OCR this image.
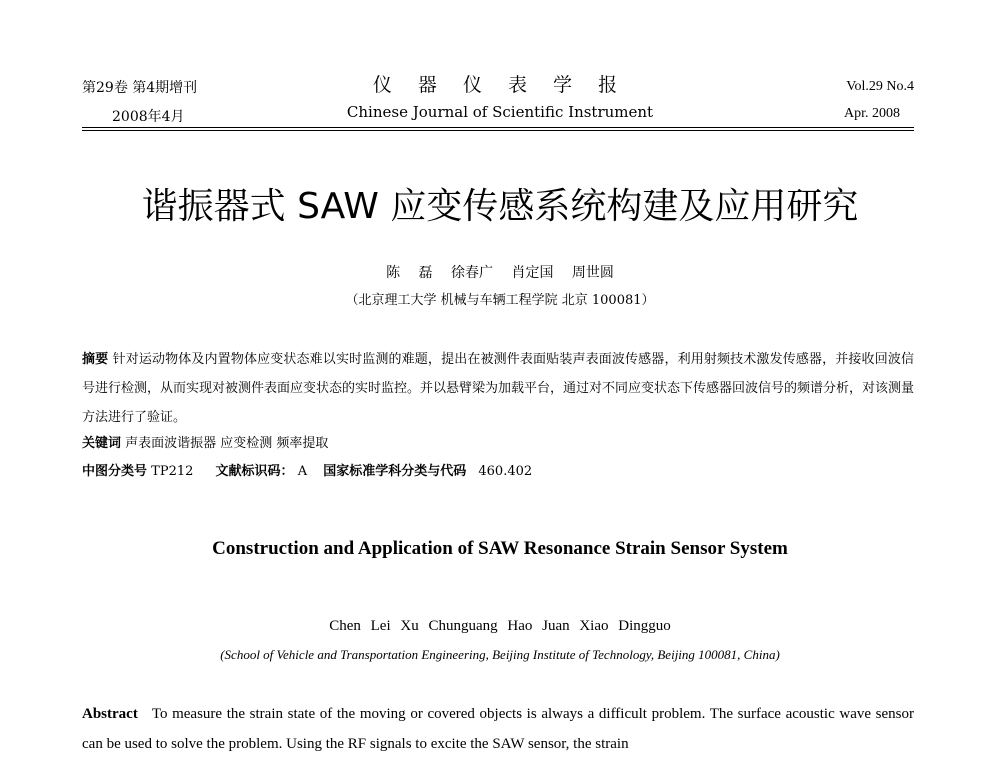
第29卷 第4期增刊
2008年4月
仪 器 仪 表 学 报
Chinese Journal of Scientific Instrument
Vol.29 No.4
Apr. 2008
谐振器式 SAW 应变传感系统构建及应用研究
陈 磊 徐春广 肖定国 周世圆
（北京理工大学 机械与车辆工程学院 北京 100081）
摘要 针对运动物体及内置物体应变状态难以实时监测的难题，提出在被测件表面贴装声表面波传感器，利用射频技术激发传感器，并接收回波信号进行检测，从而实现对被测件表面应变状态的实时监控。并以悬臂梁为加载平台，通过对不同应变状态下传感器回波信号的频谱分析，对该测量方法进行了验证。
关键词 声表面波谐振器 应变检测 频率提取
中图分类号 TP212 文献标识码： A 国家标准学科分类与代码 460.402
Construction and Application of SAW Resonance Strain Sensor System
Chen Lei Xu Chunguang Hao Juan Xiao Dingguo
(School of Vehicle and Transportation Engineering, Beijing Institute of Technology, Beijing 100081, China)
Abstract To measure the strain state of the moving or covered objects is always a difficult problem. The surface acoustic wave sensor can be used to solve the problem. Using the RF signals to excite the SAW sensor, the strain
